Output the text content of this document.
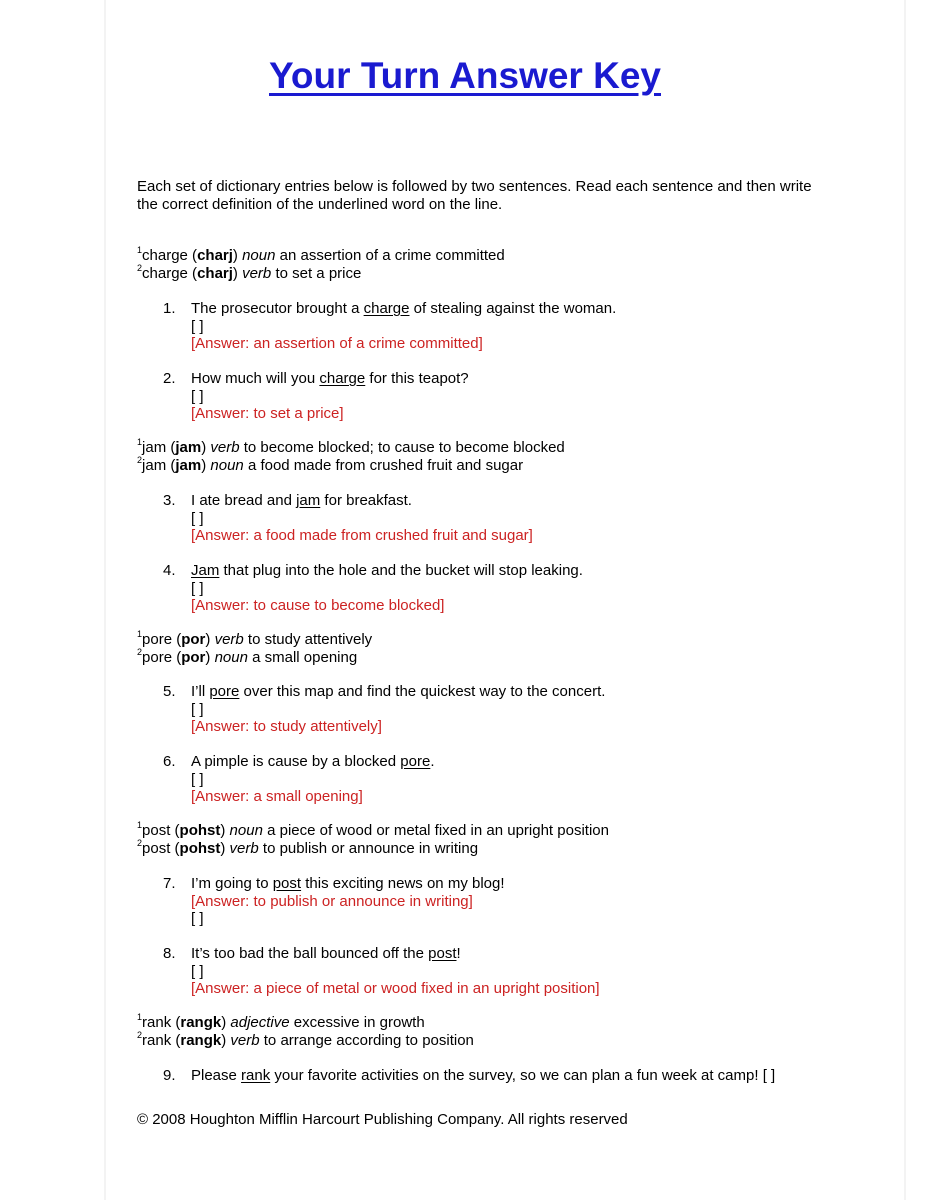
Your Turn Answer Key
Each set of dictionary entries below is followed by two sentences. Read each sentence and then write the correct definition of the underlined word on the line.
$^1$charge (charj) noun an assertion of a crime committed
$^2$charge (charj) verb to set a price
1. The prosecutor brought a charge of stealing against the woman.
[ ]
[Answer: an assertion of a crime committed]
2. How much will you charge for this teapot?
[ ]
[Answer: to set a price]
$^1$jam (jam) verb to become blocked; to cause to become blocked
$^2$jam (jam) noun a food made from crushed fruit and sugar
3. I ate bread and jam for breakfast.
[ ]
[Answer: a food made from crushed fruit and sugar]
4. Jam that plug into the hole and the bucket will stop leaking.
[ ]
[Answer: to cause to become blocked]
$^1$pore (por) verb to study attentively
$^2$pore (por) noun a small opening
5. I’ll pore over this map and find the quickest way to the concert.
[ ]
[Answer: to study attentively]
6. A pimple is cause by a blocked pore.
[ ]
[Answer: a small opening]
$^1$post (pohst) noun a piece of wood or metal fixed in an upright position
$^2$post (pohst) verb to publish or announce in writing
7. I’m going to post this exciting news on my blog!
[Answer: to publish or announce in writing]
[ ]
8. It’s too bad the ball bounced off the post!
[ ]
[Answer: a piece of metal or wood fixed in an upright position]
$^1$rank (rangk) adjective excessive in growth
$^2$rank (rangk) verb to arrange according to position
9. Please rank your favorite activities on the survey, so we can plan a fun week at camp! [ ]
© 2008 Houghton Mifflin Harcourt Publishing Company. All rights reserved
